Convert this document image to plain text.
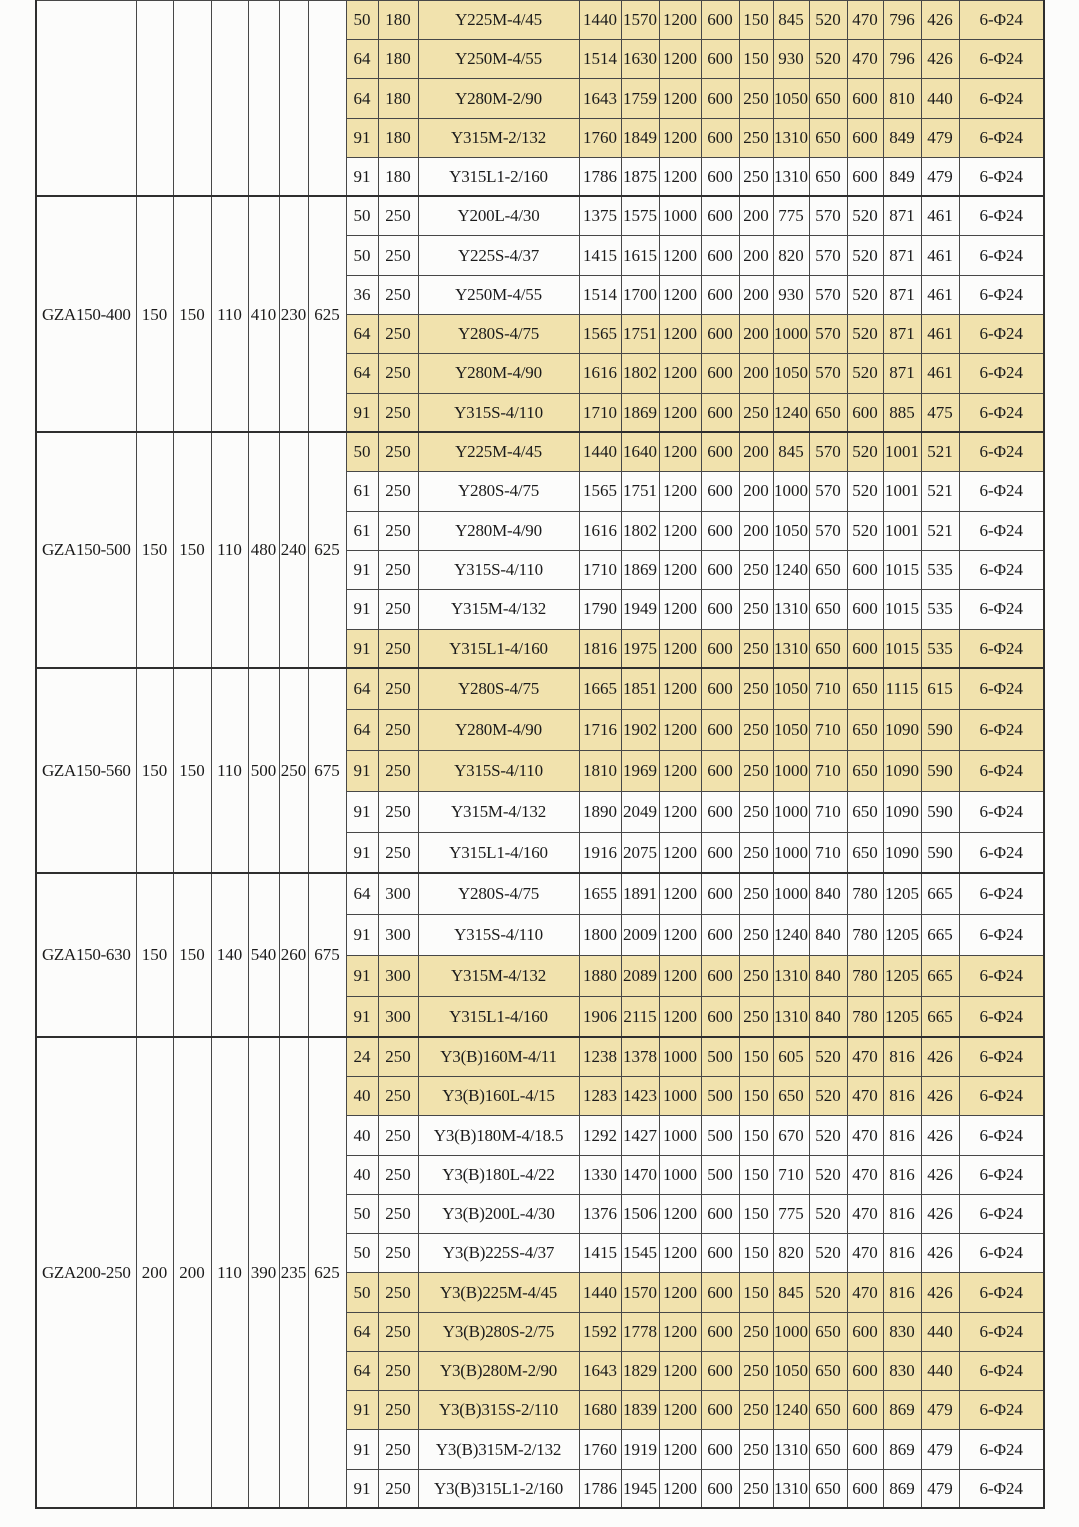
							50	180	Y225M-4/45	1440	1570	1200	600	150	845	520	470	796	426	6-Φ24
							64	180	Y250M-4/55	1514	1630	1200	600	150	930	520	470	796	426	6-Φ24
							64	180	Y280M-2/90	1643	1759	1200	600	250	1050	650	600	810	440	6-Φ24
							91	180	Y315M-2/132	1760	1849	1200	600	250	1310	650	600	849	479	6-Φ24
							91	180	Y315L1-2/160	1786	1875	1200	600	250	1310	650	600	849	479	6-Φ24
GZA150-400	150	150	110	410	230	625	50	250	Y200L-4/30	1375	1575	1000	600	200	775	570	520	871	461	6-Φ24
							50	250	Y225S-4/37	1415	1615	1200	600	200	820	570	520	871	461	6-Φ24
							36	250	Y250M-4/55	1514	1700	1200	600	200	930	570	520	871	461	6-Φ24
							64	250	Y280S-4/75	1565	1751	1200	600	200	1000	570	520	871	461	6-Φ24
							64	250	Y280M-4/90	1616	1802	1200	600	200	1050	570	520	871	461	6-Φ24
							91	250	Y315S-4/110	1710	1869	1200	600	250	1240	650	600	885	475	6-Φ24
GZA150-500	150	150	110	480	240	625	50	250	Y225M-4/45	1440	1640	1200	600	200	845	570	520	1001	521	6-Φ24
							61	250	Y280S-4/75	1565	1751	1200	600	200	1000	570	520	1001	521	6-Φ24
							61	250	Y280M-4/90	1616	1802	1200	600	200	1050	570	520	1001	521	6-Φ24
							91	250	Y315S-4/110	1710	1869	1200	600	250	1240	650	600	1015	535	6-Φ24
							91	250	Y315M-4/132	1790	1949	1200	600	250	1310	650	600	1015	535	6-Φ24
							91	250	Y315L1-4/160	1816	1975	1200	600	250	1310	650	600	1015	535	6-Φ24
GZA150-560	150	150	110	500	250	675	64	250	Y280S-4/75	1665	1851	1200	600	250	1050	710	650	1115	615	6-Φ24
							64	250	Y280M-4/90	1716	1902	1200	600	250	1050	710	650	1090	590	6-Φ24
							91	250	Y315S-4/110	1810	1969	1200	600	250	1000	710	650	1090	590	6-Φ24
							91	250	Y315M-4/132	1890	2049	1200	600	250	1000	710	650	1090	590	6-Φ24
							91	250	Y315L1-4/160	1916	2075	1200	600	250	1000	710	650	1090	590	6-Φ24
GZA150-630	150	150	140	540	260	675	64	300	Y280S-4/75	1655	1891	1200	600	250	1000	840	780	1205	665	6-Φ24
							91	300	Y315S-4/110	1800	2009	1200	600	250	1240	840	780	1205	665	6-Φ24
							91	300	Y315M-4/132	1880	2089	1200	600	250	1310	840	780	1205	665	6-Φ24
							91	300	Y315L1-4/160	1906	2115	1200	600	250	1310	840	780	1205	665	6-Φ24
GZA200-250	200	200	110	390	235	625	24	250	Y3(B)160M-4/11	1238	1378	1000	500	150	605	520	470	816	426	6-Φ24
							40	250	Y3(B)160L-4/15	1283	1423	1000	500	150	650	520	470	816	426	6-Φ24
							40	250	Y3(B)180M-4/18.5	1292	1427	1000	500	150	670	520	470	816	426	6-Φ24
							40	250	Y3(B)180L-4/22	1330	1470	1000	500	150	710	520	470	816	426	6-Φ24
							50	250	Y3(B)200L-4/30	1376	1506	1200	600	150	775	520	470	816	426	6-Φ24
							50	250	Y3(B)225S-4/37	1415	1545	1200	600	150	820	520	470	816	426	6-Φ24
							50	250	Y3(B)225M-4/45	1440	1570	1200	600	150	845	520	470	816	426	6-Φ24
							64	250	Y3(B)280S-2/75	1592	1778	1200	600	250	1000	650	600	830	440	6-Φ24
							64	250	Y3(B)280M-2/90	1643	1829	1200	600	250	1050	650	600	830	440	6-Φ24
							91	250	Y3(B)315S-2/110	1680	1839	1200	600	250	1240	650	600	869	479	6-Φ24
							91	250	Y3(B)315M-2/132	1760	1919	1200	600	250	1310	650	600	869	479	6-Φ24
							91	250	Y3(B)315L1-2/160	1786	1945	1200	600	250	1310	650	600	869	479	6-Φ24
